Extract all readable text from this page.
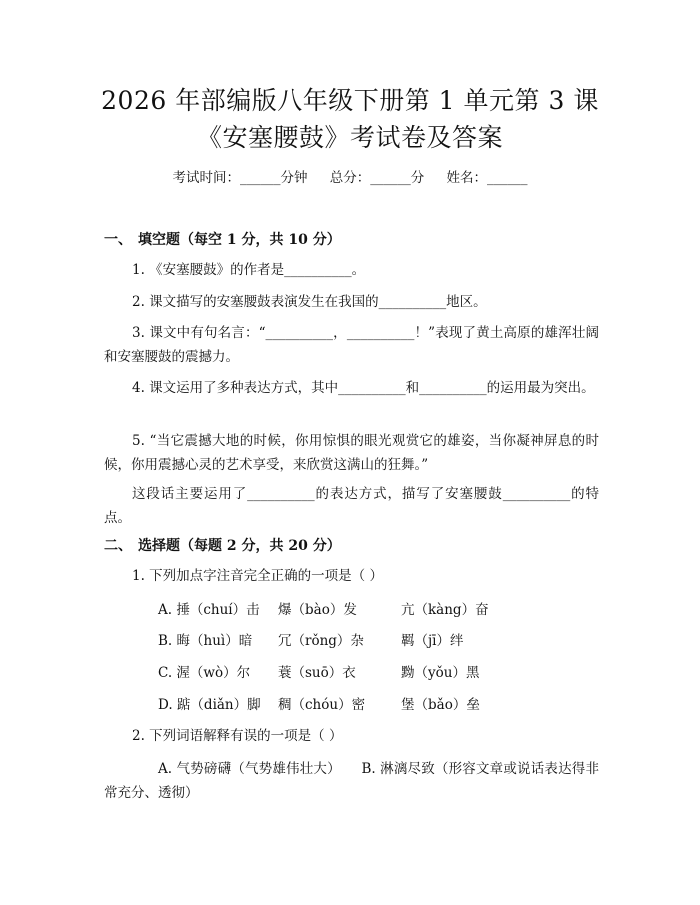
2026 年部编版八年级下册第 1 单元第 3 课
《安塞腰鼓》考试卷及答案
考试时间：______分钟 总分：______分 姓名：______
一、 填空题（每空 1 分，共 10 分）
1. 《安塞腰鼓》的作者是__________。
2. 课文描写的安塞腰鼓表演发生在我国的__________地区。
3. 课文中有句名言：“__________，__________！”表现了黄土高原的雄浑壮阔和安塞腰鼓的震撼力。
4. 课文运用了多种表达方式，其中__________和__________的运用最为突出。
5. “当它震撼大地的时候，你用惊惧的眼光观赏它的雄姿，当你凝神屏息的时候，你用震撼心灵的艺术享受，来欣赏这满山的狂舞。”
这段话主要运用了__________的表达方式，描写了安塞腰鼓__________的特点。
二、 选择题（每题 2 分，共 20 分）
1. 下列加点字注音完全正确的一项是（ ）
A. 捶（chuí）击 爆（bào）发	亢（kàng）奋
B. 晦（huì）暗 冗（rǒng）杂	羁（jī）绊
C. 渥（wò）尔 蓑（suō）衣	黝（yǒu）黑
D. 踮（diǎn）脚 稠（chóu）密	堡（bǎo）垒
2. 下列词语解释有误的一项是（ ）
A. 气势磅礴（气势雄伟壮大）　　B. 淋漓尽致（形容文章或说话表达得非常充分、透彻）
